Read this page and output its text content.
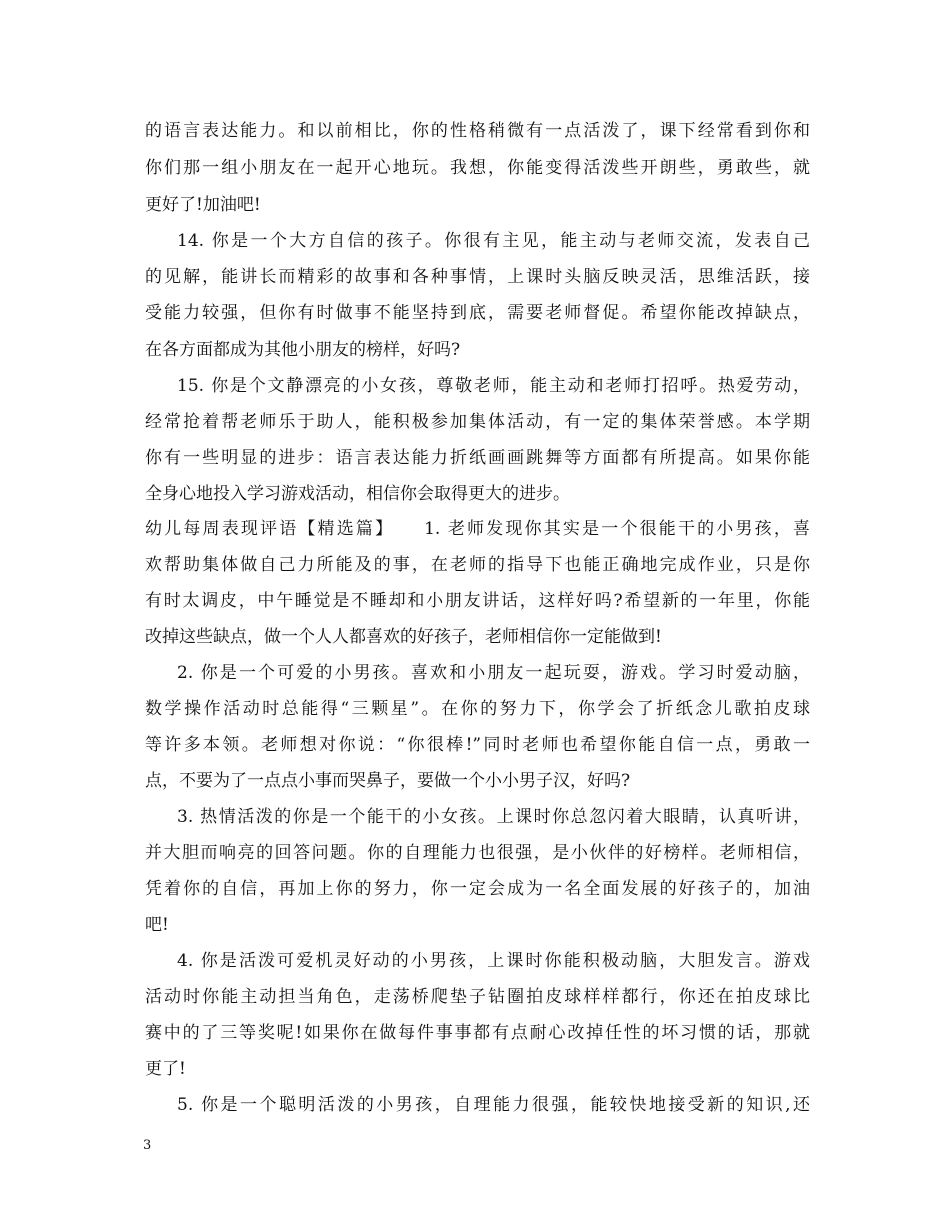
的语言表达能力。和以前相比，你的性格稍微有一点活泼了，课下经常看到你和
你们那一组小朋友在一起开心地玩。我想，你能变得活泼些开朗些，勇敢些，就
更好了!加油吧!
14. 你是一个大方自信的孩子。你很有主见，能主动与老师交流，发表自己
的见解，能讲长而精彩的故事和各种事情，上课时头脑反映灵活，思维活跃，接
受能力较强，但你有时做事不能坚持到底，需要老师督促。希望你能改掉缺点，
在各方面都成为其他小朋友的榜样，好吗?
15. 你是个文静漂亮的小女孩，尊敬老师，能主动和老师打招呼。热爱劳动，
经常抢着帮老师乐于助人，能积极参加集体活动，有一定的集体荣誉感。本学期
你有一些明显的进步：语言表达能力折纸画画跳舞等方面都有所提高。如果你能
全身心地投入学习游戏活动，相信你会取得更大的进步。
幼儿每周表现评语【精选篇】　　1. 老师发现你其实是一个很能干的小男孩，喜
欢帮助集体做自己力所能及的事，在老师的指导下也能正确地完成作业，只是你
有时太调皮，中午睡觉是不睡却和小朋友讲话，这样好吗?希望新的一年里，你能
改掉这些缺点，做一个人人都喜欢的好孩子，老师相信你一定能做到!
2. 你是一个可爱的小男孩。喜欢和小朋友一起玩耍，游戏。学习时爱动脑，
数学操作活动时总能得“三颗星”。在你的努力下，你学会了折纸念儿歌拍皮球
等许多本领。老师想对你说：“你很棒!”同时老师也希望你能自信一点，勇敢一
点，不要为了一点点小事而哭鼻子，要做一个小小男子汉，好吗?
3. 热情活泼的你是一个能干的小女孩。上课时你总忽闪着大眼睛，认真听讲，
并大胆而响亮的回答问题。你的自理能力也很强，是小伙伴的好榜样。老师相信，
凭着你的自信，再加上你的努力，你一定会成为一名全面发展的好孩子的，加油
吧!
4. 你是活泼可爱机灵好动的小男孩，上课时你能积极动脑，大胆发言。游戏
活动时你能主动担当角色，走荡桥爬垫子钻圈拍皮球样样都行，你还在拍皮球比
赛中的了三等奖呢!如果你在做每件事事都有点耐心改掉任性的坏习惯的话，那就
更了!
5. 你是一个聪明活泼的小男孩，自理能力很强，能较快地接受新的知识,还
3
